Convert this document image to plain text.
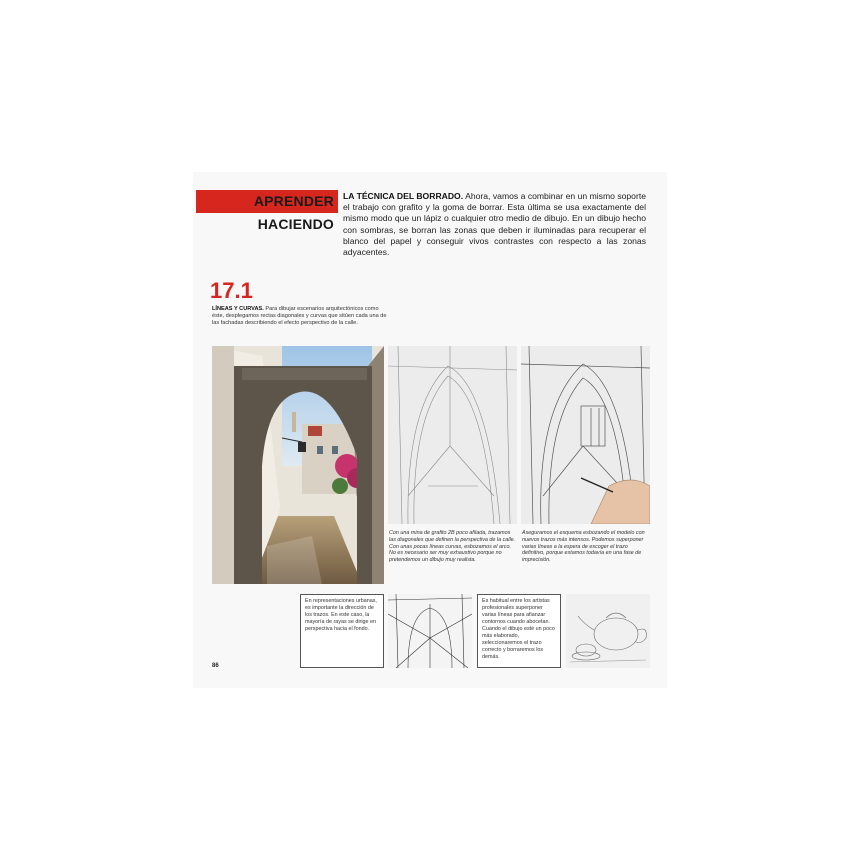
APRENDER HACIENDO
LA TÉCNICA DEL BORRADO. Ahora, vamos a combinar en un mismo soporte el trabajo con grafito y la goma de borrar. Esta última se usa exactamente del mismo modo que un lápiz o cualquier otro medio de dibujo. En un dibujo hecho con sombras, se borran las zonas que deben ir iluminadas para recuperar el blanco del papel y conseguir vivos contrastes con respecto a las zonas adyacentes.
17.1
LÍNEAS Y CURVAS. Para dibujar escenarios arquitectónicos como éste, desplegamos rectas diagonales y curvas que sitúen cada una de las fachadas describiendo el efecto perspectivo de la calle.
Con una mina de grafito 2B poco afilada, trazamos las diagonales que definen la perspectiva de la calle. Con unas pocas líneas curvas, esbozamos el arco. No es necesario ser muy exhaustivo porque no pretendemos un dibujo muy realista.
Aseguramos el esquema esbozando el modelo con nuevos trazos más intensos. Podemos superponer varias líneas a la espera de escoger el trazo definitivo, porque estamos todavía en una fase de imprecisión.
En representaciones urbanas, es importante la dirección de los trazos. En este caso, la mayoría de rayas se dirige en perspectiva hacia el fondo.
Es habitual entre los artistas profesionales superponer varias líneas para afianzar contornos cuando abocetan. Cuando el dibujo esté un poco más elaborado, seleccionaremos el trazo correcto y borraremos los demás.
86
